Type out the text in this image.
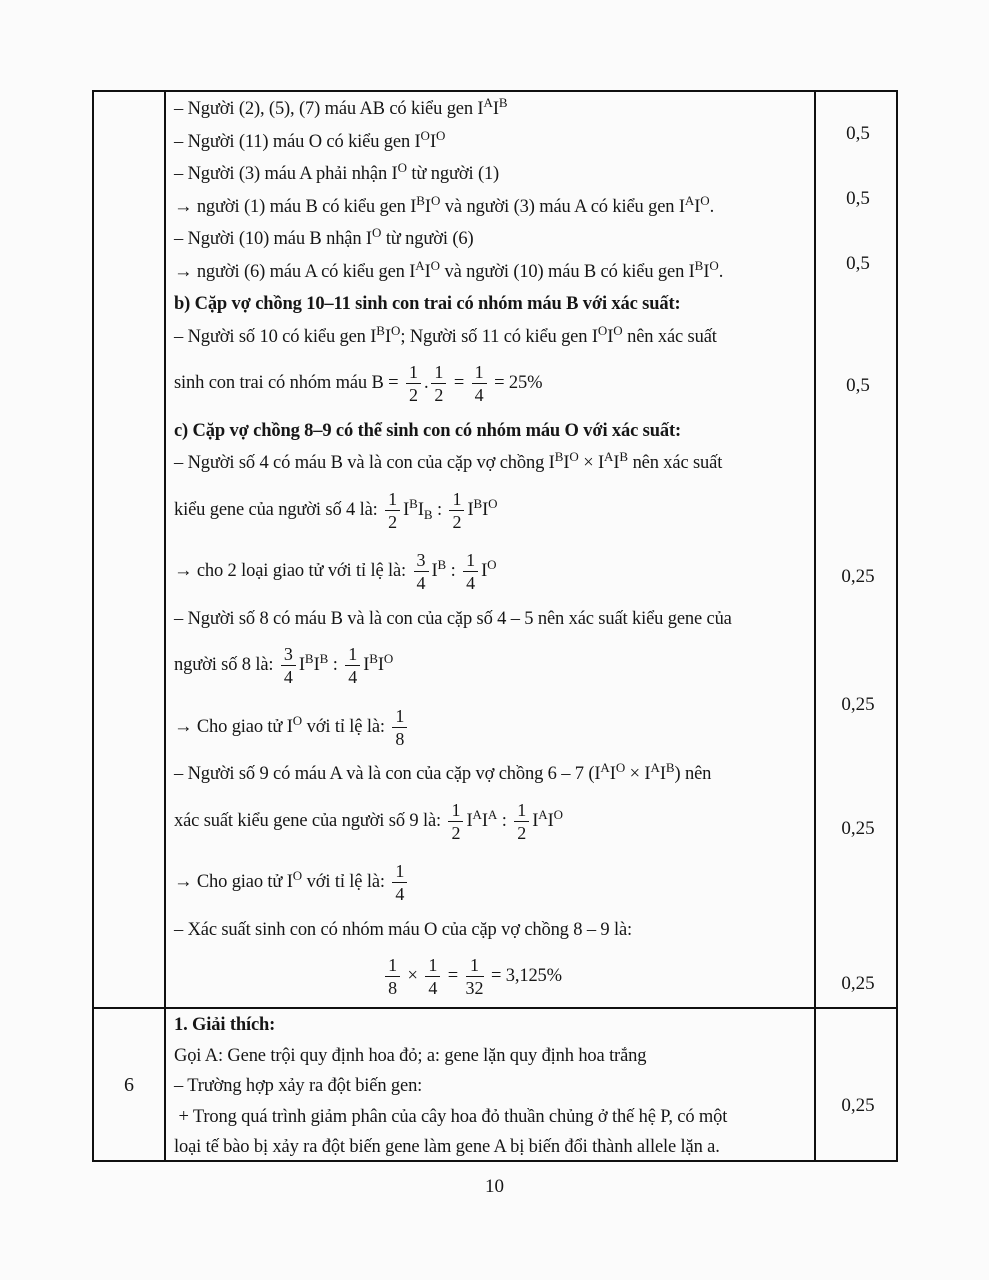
6
– Người (2), (5), (7) máu AB có kiểu gen $I^AI^B$
– Người (11) máu O có kiểu gen $I^OI^O$
– Người (3) máu A phải nhận $I^O$ từ người (1)
→ người (1) máu B có kiểu gen $I^BI^O$ và người (3) máu A có kiểu gen $I^AI^O$.
– Người (10) máu B nhận $I^O$ từ người (6)
→ người (6) máu A có kiểu gen $I^AI^O$ và người (10) máu B có kiểu gen $I^BI^O$.
b) Cặp vợ chồng 10–11 sinh con trai có nhóm máu B với xác suất:
– Người số 10 có kiểu gen $I^BI^O$; Người số 11 có kiểu gen $I^OI^O$ nên xác suất
sinh con trai có nhóm máu $B = \frac{1}{2}$ . $\frac{1}{2} = \frac{1}{4} = 25\%$
c) Cặp vợ chồng 8–9 có thể sinh con có nhóm máu O với xác suất:
– Người số 4 có máu B và là con của cặp vợ chồng $I^BI^O \times I^AI^B$ nên xác suất
kiểu gene của người số 4 là: $\frac{1}{2} I^BI_B$ : $\frac{1}{2} I^BI^O$
→ cho 2 loại giao tử với tỉ lệ là: $\frac{3}{4} I^B$ : $\frac{1}{4} I^O$
– Người số 8 có máu B và là con của cặp số 4 – 5 nên xác suất kiểu gene của
người số 8 là: $\frac{3}{4} I^BI^B$ : $\frac{1}{4} I^BI^O$
→ Cho giao tử $I^O$ với tỉ lệ là: $\frac{1}{8}$
– Người số 9 có máu A và là con của cặp vợ chồng 6 – 7 $(I^AI^O \times I^AI^B)$ nên
xác suất kiểu gene của người số 9 là: $\frac{1}{2} I^AI^A$ : $\frac{1}{2} I^AI^O$
→ Cho giao tử $I^O$ với tỉ lệ là: $\frac{1}{4}$
– Xác suất sinh con có nhóm máu O của cặp vợ chồng 8 – 9 là:
$\frac{1}{8} \times \frac{1}{4} = \frac{1}{32} = 3,125\%$
1. Giải thích:
Gọi A: Gene trội quy định hoa đỏ; a: gene lặn quy định hoa trắng
– Trường hợp xảy ra đột biến gen:
+ Trong quá trình giảm phân của cây hoa đỏ thuần chủng ở thế hệ P, có một
loại tế bào bị xảy ra đột biến gene làm gene A bị biến đổi thành allele lặn a.
0,5
0,5
0,5
0,5
0,25
0,25
0,25
0,25
0,25
10
